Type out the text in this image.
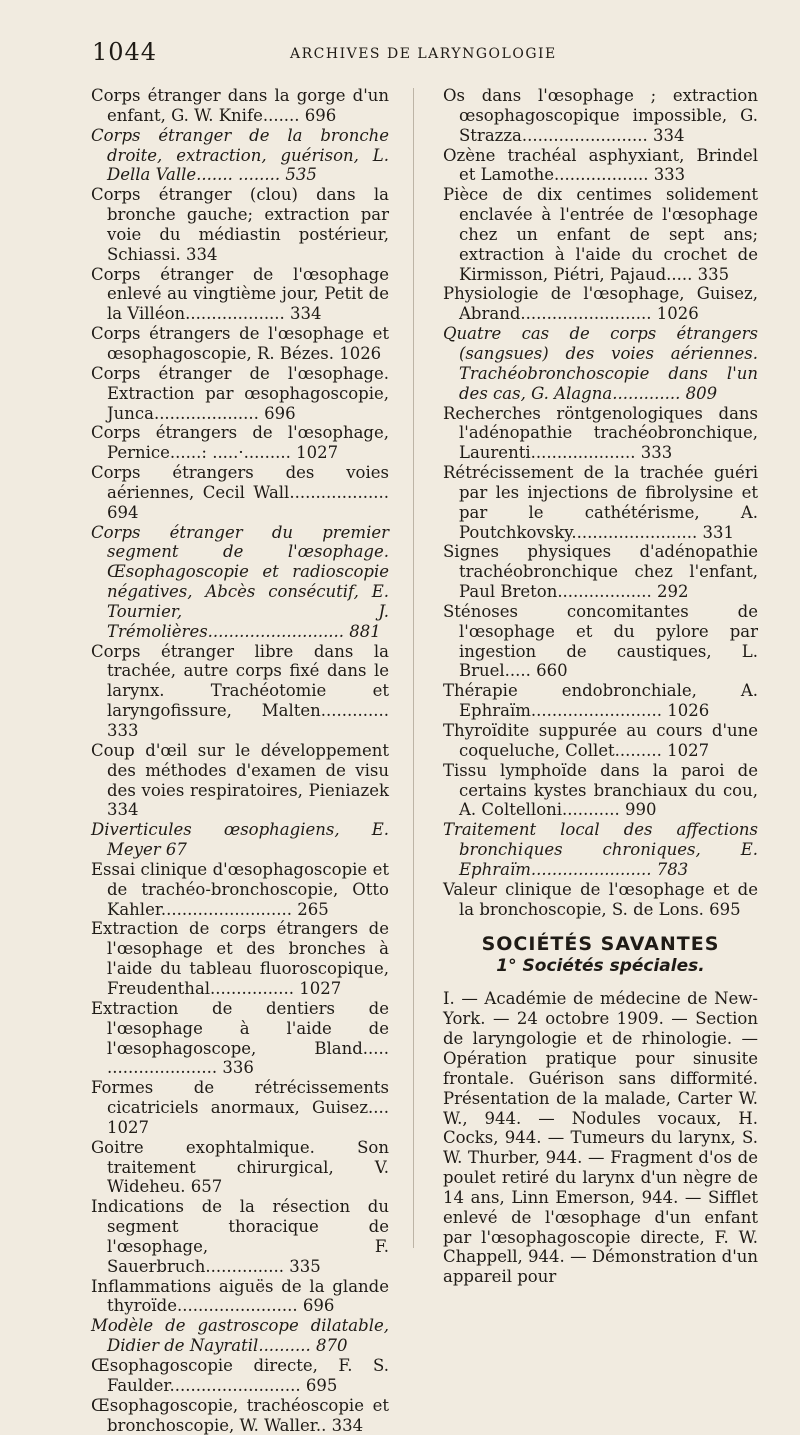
1044	ARCHIVES DE LARYNGOLOGIE

Corps étranger dans la gorge d'un enfant, G. W. Knife....... 696

Corps étranger de la bronche droite, extraction, guérison, L. Della Valle....... ........ 535

Corps étranger (clou) dans la bronche gauche; extraction par voie du médiastin postérieur, Schiassi. 334

Corps étranger de l'œsophage enlevé au vingtième jour, Petit de la Villéon................... 334

Corps étrangers de l'œsophage et œsophagoscopie, R. Bézes. 1026

Corps étranger de l'œsophage. Extraction par œsophagoscopie, Junca.................... 696

Corps étrangers de l'œsophage, Pernice......: .....·......... 1027

Corps étrangers des voies aériennes, Cecil Wall................... 694

Corps étranger du premier segment de l'œsophage. Œsophagoscopie et radioscopie négatives, Abcès consécutif, E. Tournier, J. Trémolières.......................... 881

Corps étranger libre dans la trachée, autre corps fixé dans le larynx. Trachéotomie et laryngofissure, Malten............. 333

Coup d'œil sur le développement des méthodes d'examen de visu des voies respiratoires, Pieniazek 334

Diverticules œsophagiens, E. Meyer 67

Essai clinique d'œsophagoscopie et de trachéo-bronchoscopie, Otto Kahler......................... 265

Extraction de corps étrangers de l'œsophage et des bronches à l'aide du tableau fluoroscopique, Freudenthal................ 1027

Extraction de dentiers de l'œsophage à l'aide de l'œsophagoscope, Bland..... ..................... 336

Formes de rétrécissements cicatriciels anormaux, Guisez.... 1027

Goitre exophtalmique. Son traitement chirurgical, V. Wideheu. 657

Indications de la résection du segment thoracique de l'œsophage, F. Sauerbruch............... 335

Inflammations aiguës de la glande thyroïde....................... 696

Modèle de gastroscope dilatable, Didier de Nayratil.......... 870

Œsophagoscopie directe, F. S. Faulder......................... 695

Œsophagoscopie, trachéoscopie et bronchoscopie, W. Waller.. 334

Os dans l'œsophage ; extraction œsophagoscopique impossible, G. Strazza........................ 334

Ozène trachéal asphyxiant, Brindel et Lamothe.................. 333

Pièce de dix centimes solidement enclavée à l'entrée de l'œsophage chez un enfant de sept ans; extraction à l'aide du crochet de Kirmisson, Piétri, Pajaud..... 335

Physiologie de l'œsophage, Guisez, Abrand......................... 1026

Quatre cas de corps étrangers (sangsues) des voies aériennes. Trachéobronchoscopie dans l'un des cas, G. Alagna............. 809

Recherches röntgenologiques dans l'adénopathie trachéobronchique, Laurenti.................... 333

Rétrécissement de la trachée guéri par les injections de fibrolysine et par le cathétérisme, A. Poutchkovsky........................ 331

Signes physiques d'adénopathie trachéobronchique chez l'enfant, Paul Breton.................. 292

Sténoses concomitantes de l'œsophage et du pylore par ingestion de caustiques, L. Bruel..... 660

Thérapie endobronchiale, A. Ephraïm......................... 1026

Thyroïdite suppurée au cours d'une coqueluche, Collet......... 1027

Tissu lymphoïde dans la paroi de certains kystes branchiaux du cou, A. Coltelloni........... 990

Traitement local des affections bronchiques chroniques, E. Ephraïm....................... 783

Valeur clinique de l'œsophage et de la bronchoscopie, S. de Lons. 695

SOCIÉTÉS SAVANTES
1° Sociétés spéciales.

I. — Académie de médecine de New-York. — 24 octobre 1909. — Section de laryngologie et de rhinologie. — Opération pratique pour sinusite frontale. Guérison sans difformité. Présentation de la malade, Carter W. W., 944. — Nodules vocaux, H. Cocks, 944. — Tumeurs du larynx, S. W. Thurber, 944. — Fragment d'os de poulet retiré du larynx d'un nègre de 14 ans, Linn Emerson, 944. — Sifflet enlevé de l'œsophage d'un enfant par l'œsophagoscopie directe, F. W. Chappell, 944. — Démonstration d'un appareil pour
